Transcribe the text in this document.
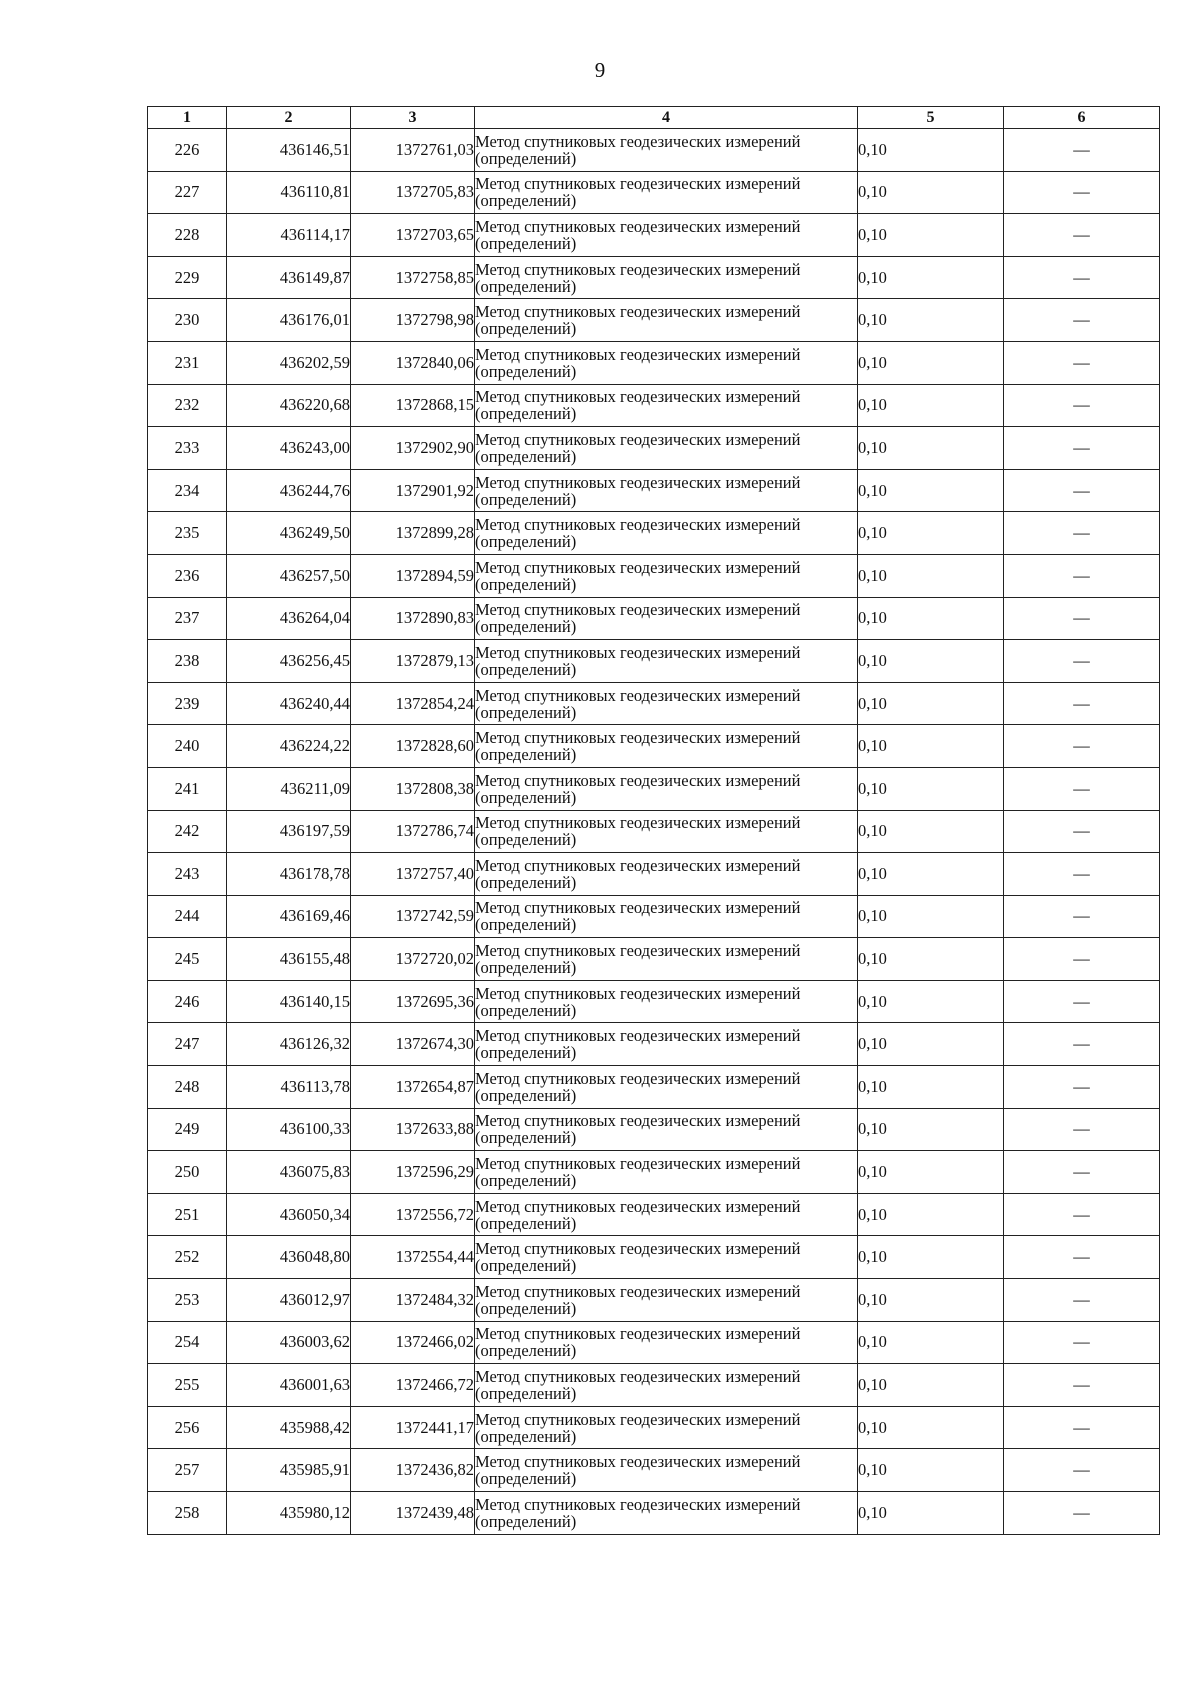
9
1	2	3	4	5	6
226	436146,51	1372761,03	Метод спутниковых геодезических измерений (определений)	0,10	—
227	436110,81	1372705,83	Метод спутниковых геодезических измерений (определений)	0,10	—
228	436114,17	1372703,65	Метод спутниковых геодезических измерений (определений)	0,10	—
229	436149,87	1372758,85	Метод спутниковых геодезических измерений (определений)	0,10	—
230	436176,01	1372798,98	Метод спутниковых геодезических измерений (определений)	0,10	—
231	436202,59	1372840,06	Метод спутниковых геодезических измерений (определений)	0,10	—
232	436220,68	1372868,15	Метод спутниковых геодезических измерений (определений)	0,10	—
233	436243,00	1372902,90	Метод спутниковых геодезических измерений (определений)	0,10	—
234	436244,76	1372901,92	Метод спутниковых геодезических измерений (определений)	0,10	—
235	436249,50	1372899,28	Метод спутниковых геодезических измерений (определений)	0,10	—
236	436257,50	1372894,59	Метод спутниковых геодезических измерений (определений)	0,10	—
237	436264,04	1372890,83	Метод спутниковых геодезических измерений (определений)	0,10	—
238	436256,45	1372879,13	Метод спутниковых геодезических измерений (определений)	0,10	—
239	436240,44	1372854,24	Метод спутниковых геодезических измерений (определений)	0,10	—
240	436224,22	1372828,60	Метод спутниковых геодезических измерений (определений)	0,10	—
241	436211,09	1372808,38	Метод спутниковых геодезических измерений (определений)	0,10	—
242	436197,59	1372786,74	Метод спутниковых геодезических измерений (определений)	0,10	—
243	436178,78	1372757,40	Метод спутниковых геодезических измерений (определений)	0,10	—
244	436169,46	1372742,59	Метод спутниковых геодезических измерений (определений)	0,10	—
245	436155,48	1372720,02	Метод спутниковых геодезических измерений (определений)	0,10	—
246	436140,15	1372695,36	Метод спутниковых геодезических измерений (определений)	0,10	—
247	436126,32	1372674,30	Метод спутниковых геодезических измерений (определений)	0,10	—
248	436113,78	1372654,87	Метод спутниковых геодезических измерений (определений)	0,10	—
249	436100,33	1372633,88	Метод спутниковых геодезических измерений (определений)	0,10	—
250	436075,83	1372596,29	Метод спутниковых геодезических измерений (определений)	0,10	—
251	436050,34	1372556,72	Метод спутниковых геодезических измерений (определений)	0,10	—
252	436048,80	1372554,44	Метод спутниковых геодезических измерений (определений)	0,10	—
253	436012,97	1372484,32	Метод спутниковых геодезических измерений (определений)	0,10	—
254	436003,62	1372466,02	Метод спутниковых геодезических измерений (определений)	0,10	—
255	436001,63	1372466,72	Метод спутниковых геодезических измерений (определений)	0,10	—
256	435988,42	1372441,17	Метод спутниковых геодезических измерений (определений)	0,10	—
257	435985,91	1372436,82	Метод спутниковых геодезических измерений (определений)	0,10	—
258	435980,12	1372439,48	Метод спутниковых геодезических измерений (определений)	0,10	—
